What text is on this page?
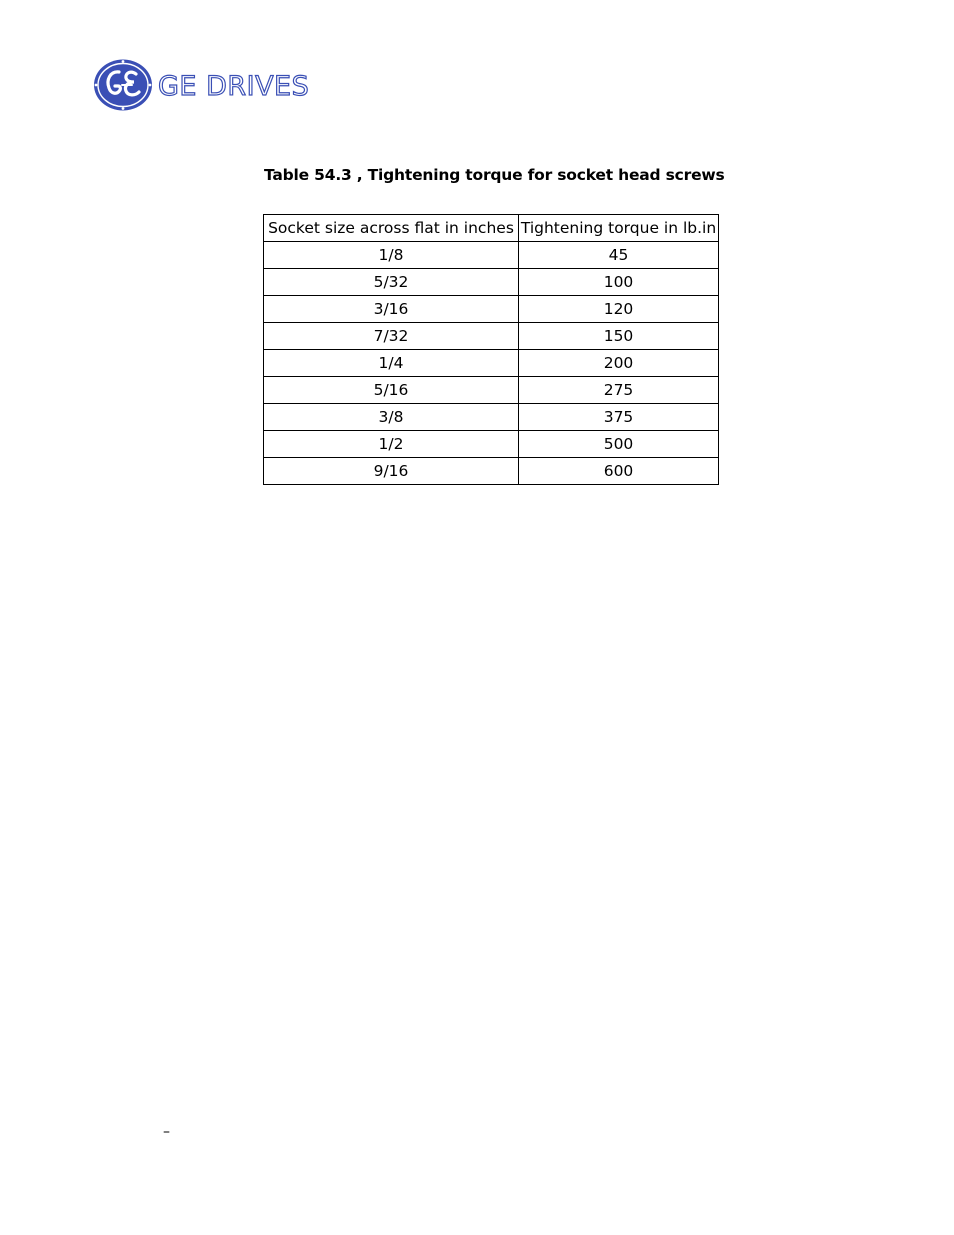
GE DRIVES
Table 54.3 , Tightening torque for socket head screws
Socket size across flat in inches	Tightening torque in lb.in
1/8	45
5/32	100
3/16	120
7/32	150
1/4	200
5/16	275
3/8	375
1/2	500
9/16	600
–
